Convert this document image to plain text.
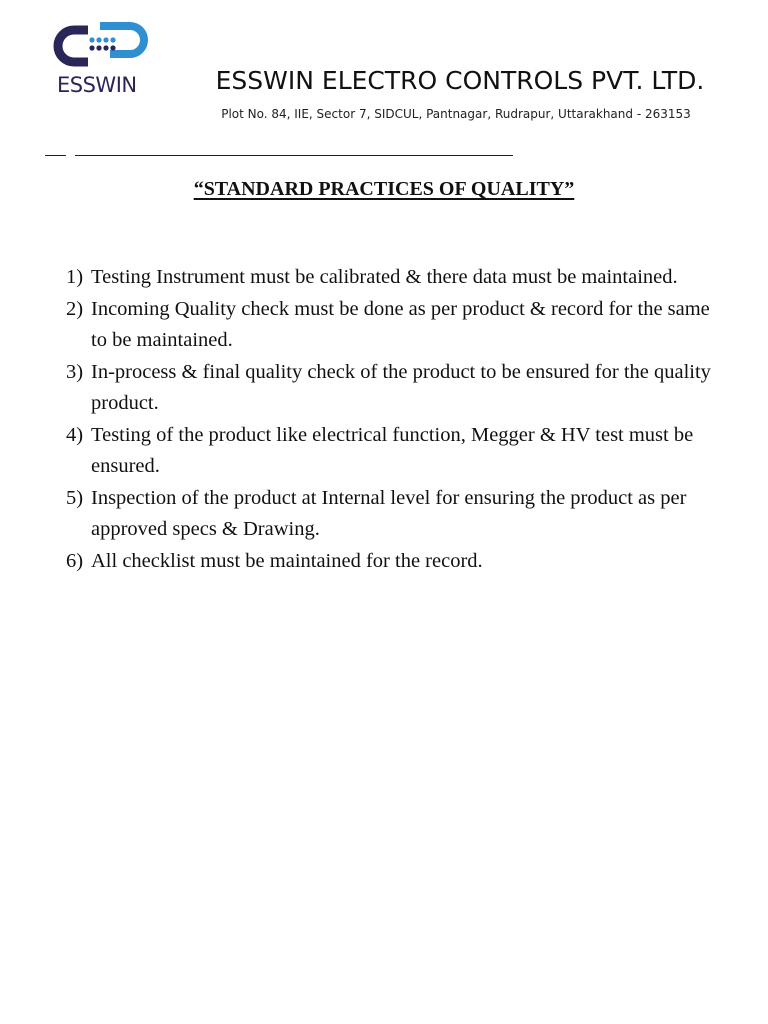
ESSWIN	ESSWIN ELECTRO CONTROLS PVT. LTD.
Plot No. 84, IIE, Sector 7, SIDCUL, Pantnagar, Rudrapur, Uttarakhand - 263153
“STANDARD PRACTICES OF QUALITY”
1) Testing Instrument must be calibrated & there data must be maintained.
2) Incoming Quality check must be done as per product & record for the same to be maintained.
3) In-process & final quality check of the product to be ensured for the quality product.
4) Testing of the product like electrical function, Megger & HV test must be ensured.
5) Inspection of the product at Internal level for ensuring the product as per approved specs & Drawing.
6) All checklist must be maintained for the record.
